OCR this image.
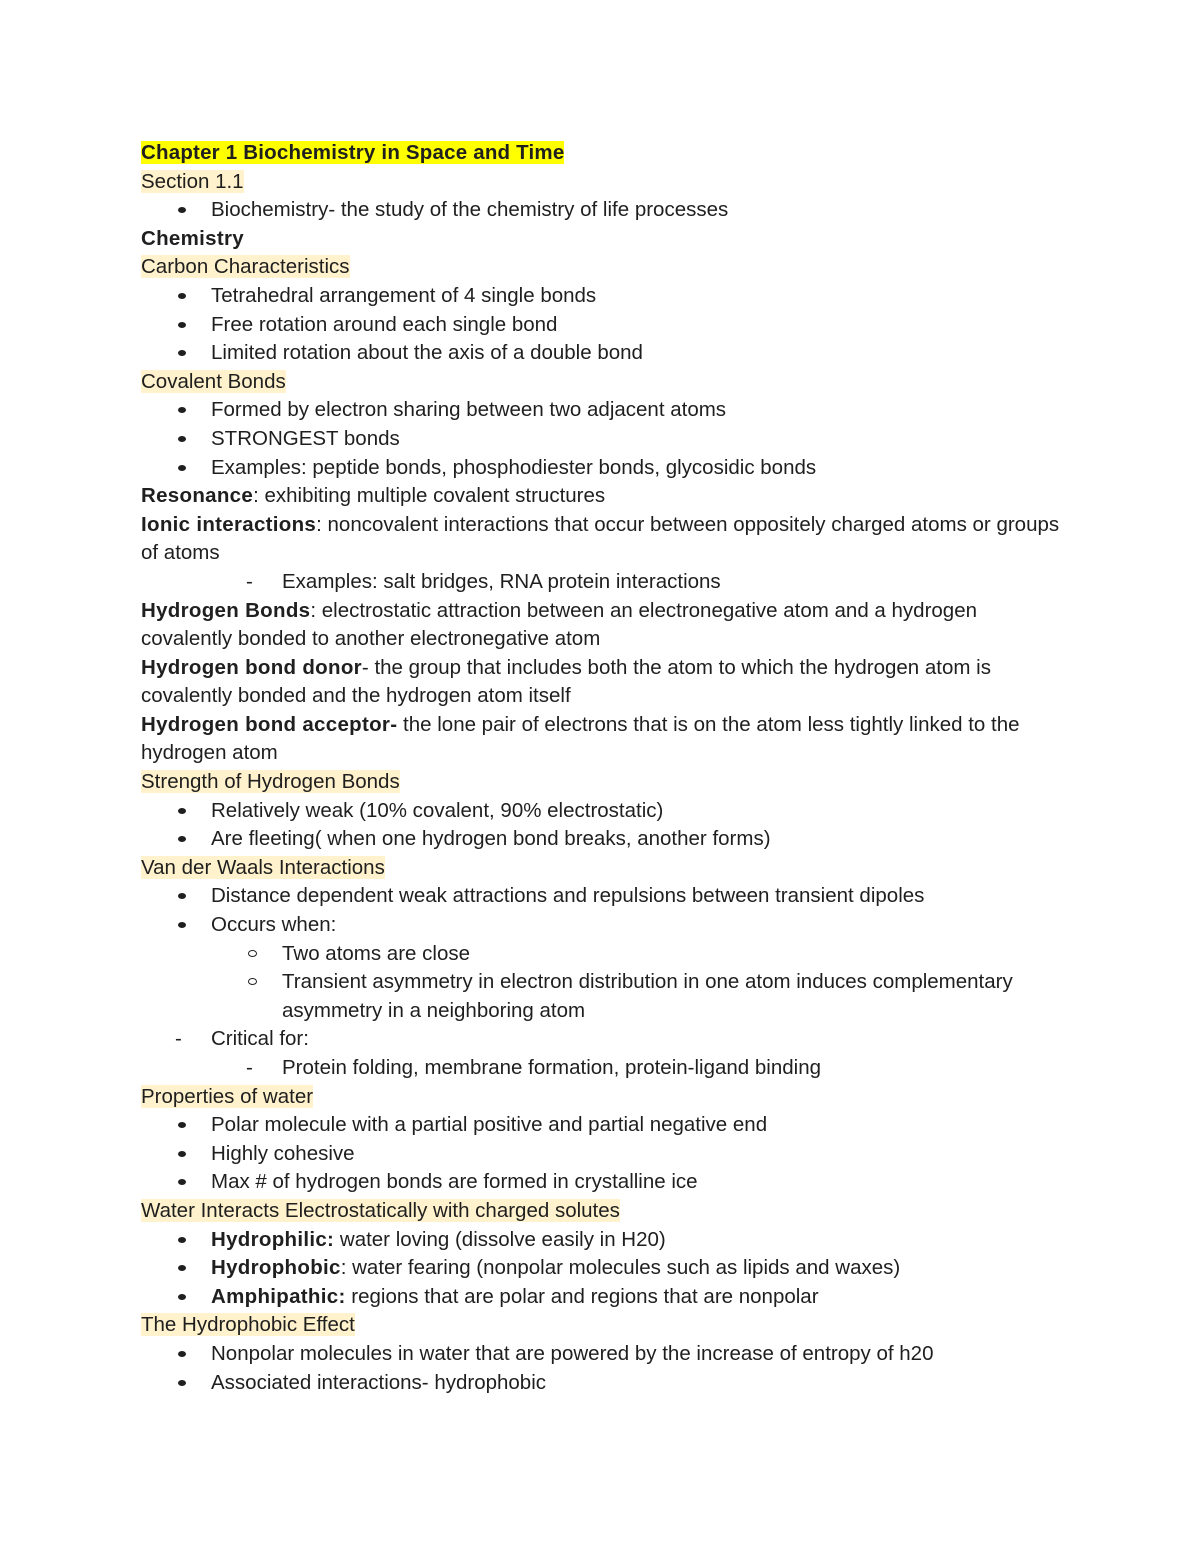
Chapter 1 Biochemistry in Space and Time
Section 1.1
Biochemistry- the study of the chemistry of life processes
Chemistry
Carbon Characteristics
Tetrahedral arrangement of 4 single bonds
Free rotation around each single bond
Limited rotation about the axis of a double bond
Covalent Bonds
Formed by electron sharing between two adjacent atoms
STRONGEST bonds
Examples: peptide bonds, phosphodiester bonds, glycosidic bonds
Resonance: exhibiting multiple covalent structures
Ionic interactions: noncovalent interactions that occur between oppositely charged atoms or groups of atoms
- Examples: salt bridges, RNA protein interactions
Hydrogen Bonds: electrostatic attraction between an electronegative atom and a hydrogen covalently bonded to another electronegative atom
Hydrogen bond donor- the group that includes both the atom to which the hydrogen atom is covalently bonded and the hydrogen atom itself
Hydrogen bond acceptor- the lone pair of electrons that is on the atom less tightly linked to the hydrogen atom
Strength of Hydrogen Bonds
Relatively weak (10% covalent, 90% electrostatic)
Are fleeting( when one hydrogen bond breaks, another forms)
Van der Waals Interactions
Distance dependent weak attractions and repulsions between transient dipoles
Occurs when:
Two atoms are close
Transient asymmetry in electron distribution in one atom induces complementary asymmetry in a neighboring atom
- Critical for:
- Protein folding, membrane formation, protein-ligand binding
Properties of water
Polar molecule with a partial positive and partial negative end
Highly cohesive
Max # of hydrogen bonds are formed in crystalline ice
Water Interacts Electrostatically with charged solutes
Hydrophilic: water loving (dissolve easily in H20)
Hydrophobic: water fearing (nonpolar molecules such as lipids and waxes)
Amphipathic: regions that are polar and regions that are nonpolar
The Hydrophobic Effect
Nonpolar molecules in water that are powered by the increase of entropy of h20
Associated interactions- hydrophobic
